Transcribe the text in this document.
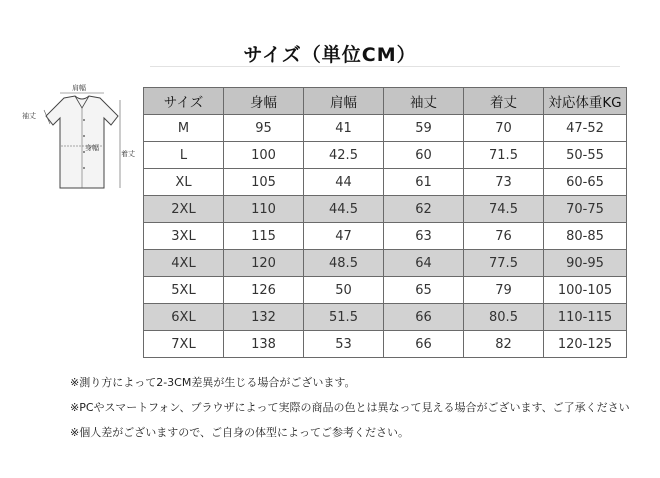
サイズ（単位CM）
肩幅
袖丈
身幅
着丈
サイズ	身幅	肩幅	袖丈	着丈	対応体重KG
M	95	41	59	70	47-52
L	100	42.5	60	71.5	50-55
XL	105	44	61	73	60-65
2XL	110	44.5	62	74.5	70-75
3XL	115	47	63	76	80-85
4XL	120	48.5	64	77.5	90-95
5XL	126	50	65	79	100-105
6XL	132	51.5	66	80.5	110-115
7XL	138	53	66	82	120-125
※測り方によって2-3CM差異が生じる場合がございます。
※PCやスマートフォン、ブラウザによって実際の商品の色とは異なって見える場合がございます、ご了承ください
※個人差がございますので、ご自身の体型によってご参考ください。
